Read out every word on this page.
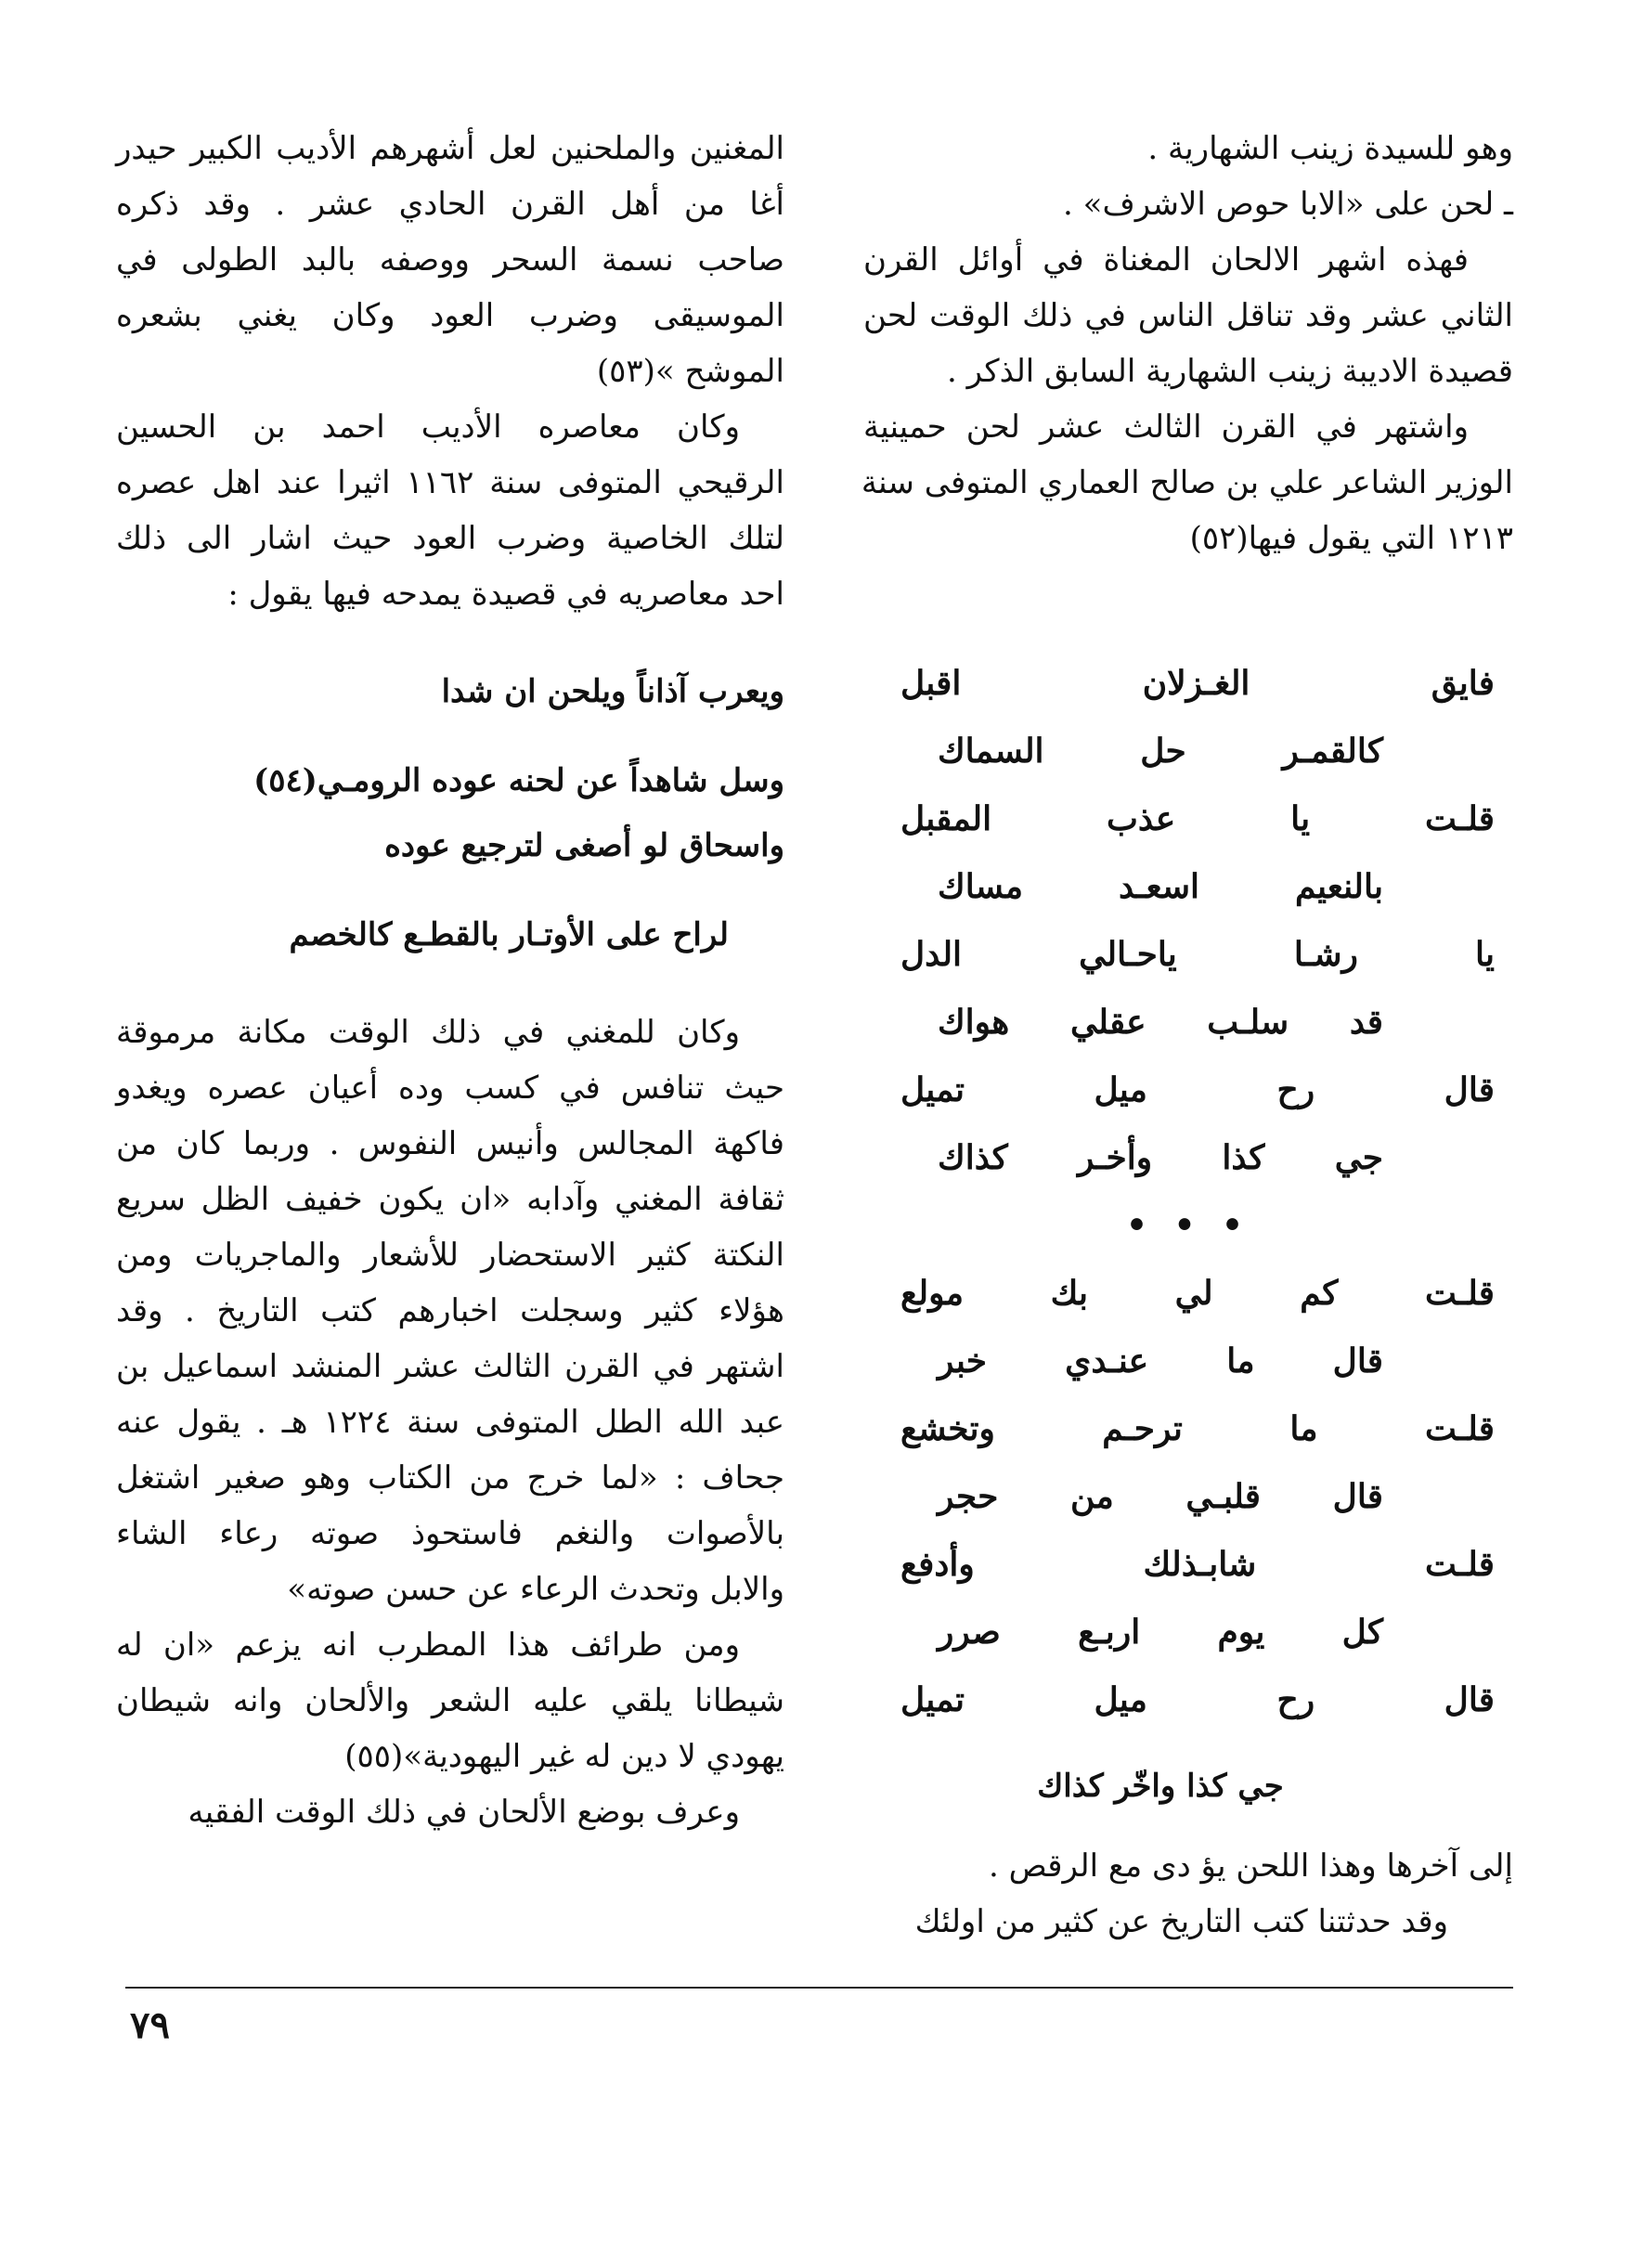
وهو للسيدة زينب الشهارية .
ـ لحن على «الابا حوص الاشرف» .
فهذه اشهر الالحان المغناة في أوائل القرن
الثاني عشر وقد تناقل الناس في ذلك الوقت لحن
قصيدة الاديبة زينب الشهارية السابق الذكر .
واشتهر في القرن الثالث عشر لحن حمينية
الوزير الشاعر علي بن صالح العماري المتوفى سنة
١٢١٣ التي يقول فيها(٥٢)
فايق
الغـزلان
اقبل
كالقمـر
حل
السماك
قلـت
يا
عذب
المقبل
بالنعيم
اسعـد
مساك
يا
رشـا
ياحـالي
الدل
قد
سلـب
عقلي
هواك
قال
رح
ميل
تميل
جي
كذا
وأخـر
كذاك
• • •
قلـت
كم
لي
بك
مولع
قال
ما
عنـدي
خبر
قلـت
ما
ترحـم
وتخشع
قال
قلبـي
من
حجر
قلـت
شابـذلك
وأدفع
كل
يوم
اربـع
صرر
قال
رح
ميل
تميل
جي كذا واخّر كذاك
إلى آخرها وهذا اللحن يؤ دى مع الرقص .
وقد حدثتنا كتب التاريخ عن كثير من اولئك
المغنين والملحنين لعل أشهرهم الأديب الكبير حيدر
أغا من أهل القرن الحادي عشر . وقد ذكره
صاحب نسمة السحر ووصفه بالبد الطولى في
الموسيقى وضرب العود وكان يغني بشعره
الموشح »(٥٣)
وكان معاصره الأديب احمد بن الحسين
الرقيحي المتوفى سنة ١١٦٢ اثيرا عند اهل عصره
لتلك الخاصية وضرب العود حيث اشار الى ذلك
احد معاصريه في قصيدة يمدحه فيها يقول :
ويعرب آذاناً ويلحن ان شدا
وسل شاهداً عن لحنه عوده الرومـي(٥٤)
واسحاق لو أصغى لترجيع عوده
لراح على الأوتـار بالقطـع كالخصم
وكان للمغني في ذلك الوقت مكانة مرموقة
حيث تنافس في كسب وده أعيان عصره ويغدو
فاكهة المجالس وأنيس النفوس . وربما كان من
ثقافة المغني وآدابه «ان يكون خفيف الظل سريع
النكتة كثير الاستحضار للأشعار والماجريات ومن
هؤلاء كثير وسجلت اخبارهم كتب التاريخ . وقد
اشتهر في القرن الثالث عشر المنشد اسماعيل بن
عبد الله الطل المتوفى سنة ١٢٢٤ هـ . يقول عنه
جحاف : «لما خرج من الكتاب وهو صغير اشتغل
بالأصوات والنغم فاستحوذ صوته رعاء الشاء
والابل وتحدث الرعاء عن حسن صوته»
ومن طرائف هذا المطرب انه يزعم «ان له
شيطانا يلقي عليه الشعر والألحان وانه شيطان
يهودي لا دين له غير اليهودية»(٥٥)
وعرف بوضع الألحان في ذلك الوقت الفقيه
٧٩
